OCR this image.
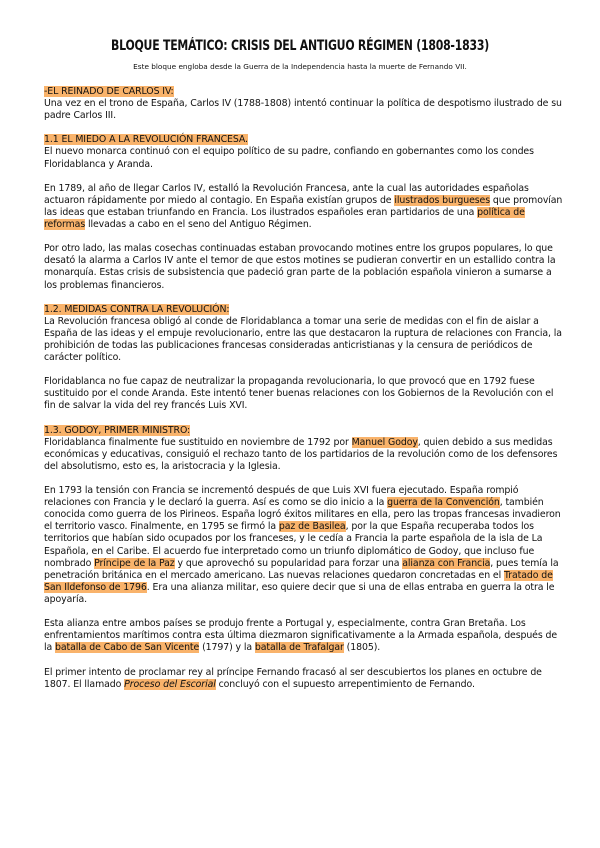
BLOQUE TEMÁTICO: CRISIS DEL ANTIGUO RÉGIMEN (1808-1833)

Este bloque engloba desde la Guerra de la Independencia hasta la muerte de Fernando VII.

-EL REINADO DE CARLOS IV:

Una vez en el trono de España, Carlos IV (1788-1808) intentó continuar la política de despotismo ilustrado de su padre Carlos III.

1.1 EL MIEDO A LA REVOLUCIÓN FRANCESA.

El nuevo monarca continuó con el equipo político de su padre, confiando en gobernantes como los condes Floridablanca y Aranda.

En 1789, al año de llegar Carlos IV, estalló la Revolución Francesa, ante la cual las autoridades españolas actuaron rápidamente por miedo al contagio. En España existían grupos de ilustrados burgueses que promovían las ideas que estaban triunfando en Francia. Los ilustrados españoles eran partidarios de una política de reformas llevadas a cabo en el seno del Antiguo Régimen.

Por otro lado, las malas cosechas continuadas estaban provocando motines entre los grupos populares, lo que desató la alarma a Carlos IV ante el temor de que estos motines se pudieran convertir en un estallido contra la monarquía. Estas crisis de subsistencia que padeció gran parte de la población española vinieron a sumarse a los problemas financieros.

1.2. MEDIDAS CONTRA LA REVOLUCIÓN:

La Revolución francesa obligó al conde de Floridablanca a tomar una serie de medidas con el fin de aislar a España de las ideas y el empuje revolucionario, entre las que destacaron la ruptura de relaciones con Francia, la prohibición de todas las publicaciones francesas consideradas anticristianas y la censura de periódicos de carácter político.

Floridablanca no fue capaz de neutralizar la propaganda revolucionaria, lo que provocó que en 1792 fuese sustituido por el conde Aranda. Este intentó tener buenas relaciones con los Gobiernos de la Revolución con el fin de salvar la vida del rey francés Luis XVI.

1.3. GODOY, PRIMER MINISTRO:

Floridablanca finalmente fue sustituido en noviembre de 1792 por Manuel Godoy, quien debido a sus medidas económicas y educativas, consiguió el rechazo tanto de los partidarios de la revolución como de los defensores del absolutismo, esto es, la aristocracia y la Iglesia.

En 1793 la tensión con Francia se incrementó después de que Luis XVI fuera ejecutado. España rompió relaciones con Francia y le declaró la guerra. Así es como se dio inicio a la guerra de la Convención, también conocida como guerra de los Pirineos. España logró éxitos militares en ella, pero las tropas francesas invadieron el territorio vasco. Finalmente, en 1795 se firmó la paz de Basilea, por la que España recuperaba todos los territorios que habían sido ocupados por los franceses, y le cedía a Francia la parte española de la isla de La Española, en el Caribe. El acuerdo fue interpretado como un triunfo diplomático de Godoy, que incluso fue nombrado Príncipe de la Paz y que aprovechó su popularidad para forzar una alianza con Francia, pues temía la penetración británica en el mercado americano. Las nuevas relaciones quedaron concretadas en el Tratado de San Ildefonso de 1796. Era una alianza militar, eso quiere decir que si una de ellas entraba en guerra la otra le apoyaría.

Esta alianza entre ambos países se produjo frente a Portugal y, especialmente, contra Gran Bretaña. Los enfrentamientos marítimos contra esta última diezmaron significativamente a la Armada española, después de la batalla de Cabo de San Vicente (1797) y la batalla de Trafalgar (1805).

El primer intento de proclamar rey al príncipe Fernando fracasó al ser descubiertos los planes en octubre de 1807. El llamado Proceso del Escorial concluyó con el supuesto arrepentimiento de Fernando.
